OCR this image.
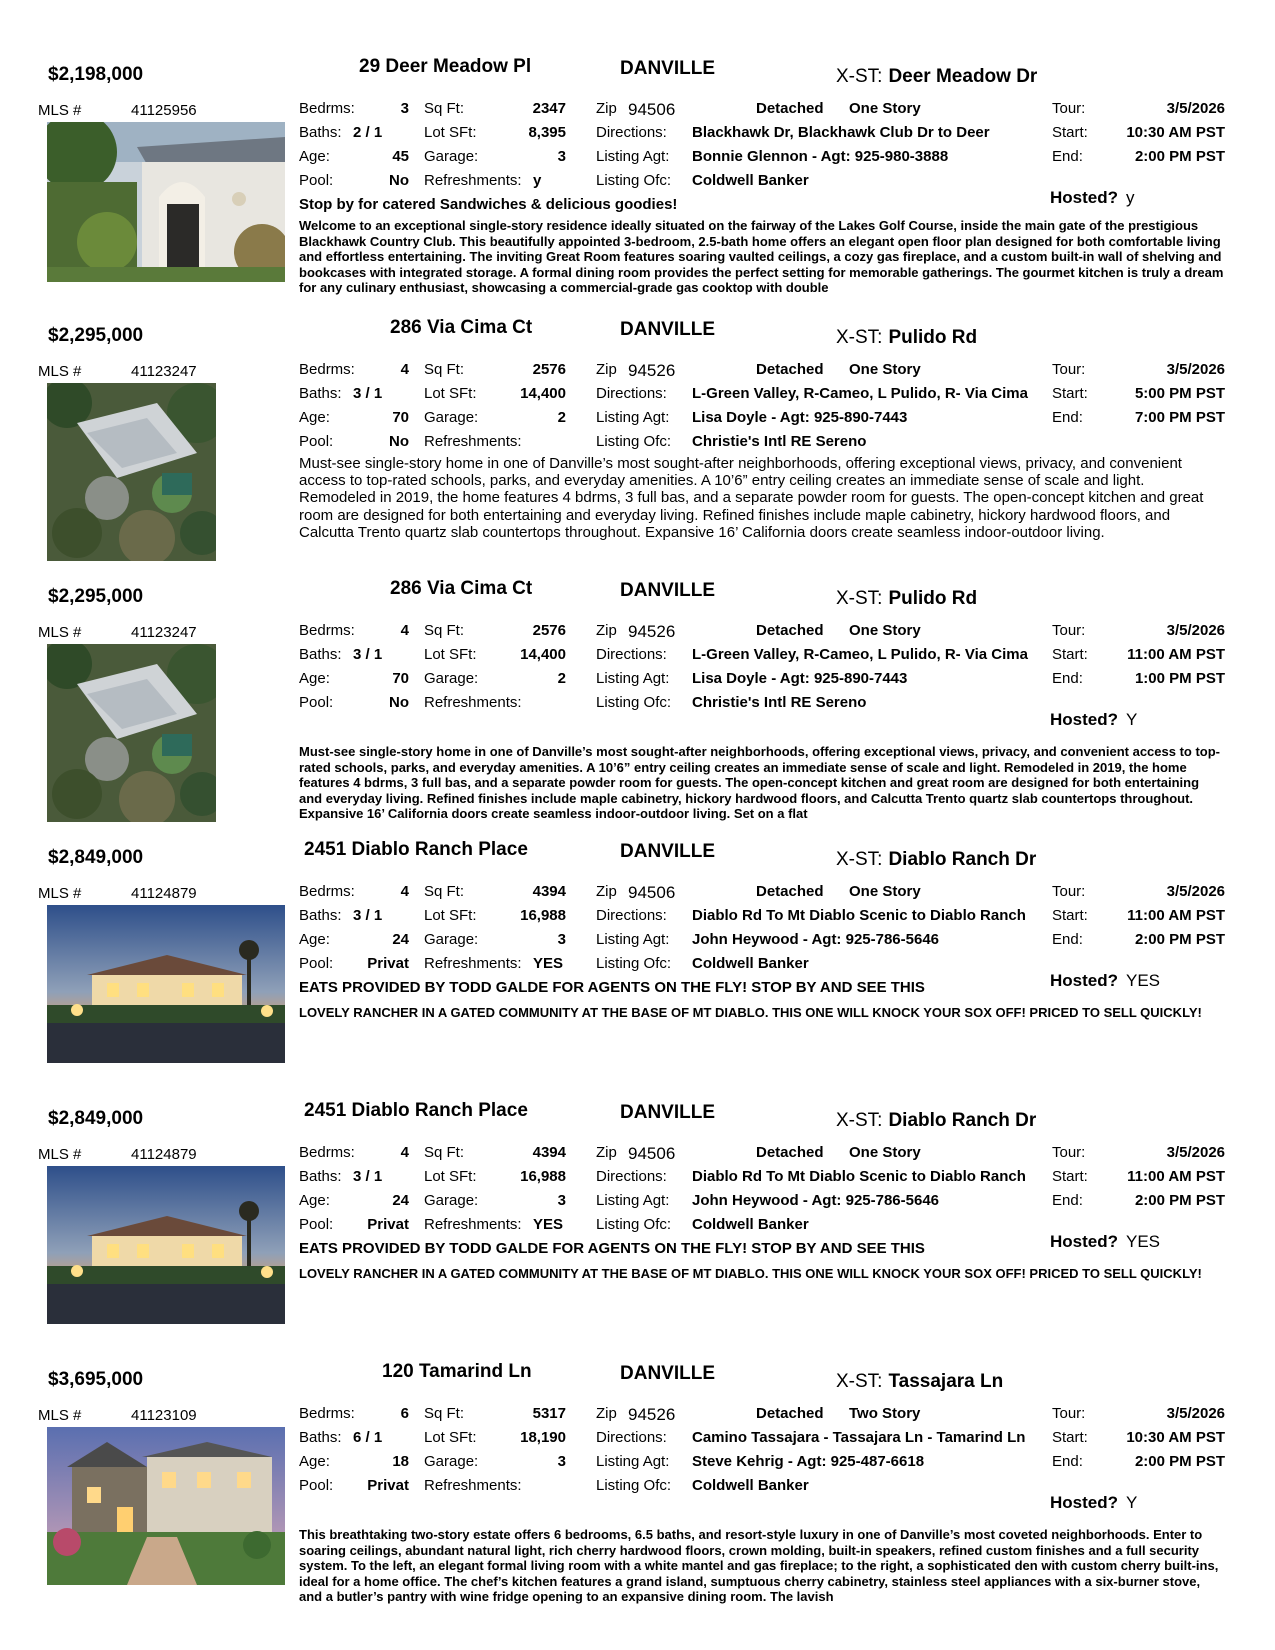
$2,198,000	29 Deer Meadow Pl	DANVILLE	X-ST: Deer Meadow Dr
MLS #	41125956	Bedrms:	3 Sq Ft:	2347 Zip 94506	Detached One Story	Tour:	3/5/2026
Baths: 2 / 1	Lot SFt:	8,395 Directions: Blackhawk Dr, Blackhawk Club Dr to Deer	Start:	10:30 AM PST
Age:	45 Garage:	3 Listing Agt: Bonnie Glennon - Agt: 925-980-3888	End:	2:00 PM PST
Pool:	No Refreshments: y	Listing Ofc: Coldwell Banker
Hosted? y
Stop by for catered Sandwiches & delicious goodies!
Welcome to an exceptional single-story residence ideally situated on the fairway of the Lakes Golf Course, inside the main gate of the prestigious Blackhawk Country Club. This beautifully appointed 3-bedroom, 2.5-bath home offers an elegant open floor plan designed for both comfortable living and effortless entertaining. The inviting Great Room features soaring vaulted ceilings, a cozy gas fireplace, and a custom built-in wall of shelving and bookcases with integrated storage. A formal dining room provides the perfect setting for memorable gatherings. The gourmet kitchen is truly a dream for any culinary enthusiast, showcasing a commercial-grade gas cooktop with double
$2,295,000	286 Via Cima Ct	DANVILLE	X-ST: Pulido Rd
MLS #	41123247	Bedrms:	4 Sq Ft:	2576 Zip 94526	Detached One Story	Tour:	3/5/2026
Baths: 3 / 1	Lot SFt:	14,400 Directions: L-Green Valley, R-Cameo, L Pulido, R- Via Cima Start:	5:00 PM PST
Age:	70 Garage:	2 Listing Agt: Lisa Doyle - Agt: 925-890-7443	End:	7:00 PM PST
Pool:	No Refreshments:	Listing Ofc: Christie's Intl RE Sereno
Must-see single-story home in one of Danville’s most sought-after neighborhoods, offering exceptional views, privacy, and convenient access to top-rated schools, parks, and everyday amenities. A 10’6” entry ceiling creates an immediate sense of scale and light. Remodeled in 2019, the home features 4 bdrms, 3 full bas, and a separate powder room for guests. The open-concept kitchen and great room are designed for both entertaining and everyday living. Refined finishes include maple cabinetry, hickory hardwood floors, and Calcutta Trento quartz slab countertops throughout. Expansive 16’ California doors create seamless indoor-outdoor living.
$2,295,000	286 Via Cima Ct	DANVILLE	X-ST: Pulido Rd
MLS #	41123247	Bedrms:	4 Sq Ft:	2576 Zip 94526	Detached One Story	Tour:	3/5/2026
Baths: 3 / 1	Lot SFt:	14,400 Directions: L-Green Valley, R-Cameo, L Pulido, R- Via Cima Start:	11:00 AM PST
Age:	70 Garage:	2 Listing Agt: Lisa Doyle - Agt: 925-890-7443	End:	1:00 PM PST
Pool:	No Refreshments:	Listing Ofc: Christie's Intl RE Sereno
Hosted? Y
Must-see single-story home in one of Danville’s most sought-after neighborhoods, offering exceptional views, privacy, and convenient access to top-rated schools, parks, and everyday amenities. A 10’6” entry ceiling creates an immediate sense of scale and light. Remodeled in 2019, the home features 4 bdrms, 3 full bas, and a separate powder room for guests. The open-concept kitchen and great room are designed for both entertaining and everyday living. Refined finishes include maple cabinetry, hickory hardwood floors, and Calcutta Trento quartz slab countertops throughout. Expansive 16’ California doors create seamless indoor-outdoor living. Set on a flat
$2,849,000	2451 Diablo Ranch Place	DANVILLE	X-ST: Diablo Ranch Dr
MLS #	41124879	Bedrms:	4 Sq Ft:	4394 Zip 94506	Detached One Story	Tour:	3/5/2026
Baths: 3 / 1	Lot SFt:	16,988 Directions: Diablo Rd To Mt Diablo Scenic to Diablo Ranch Start:	11:00 AM PST
Age:	24 Garage:	3 Listing Agt: John Heywood - Agt: 925-786-5646	End:	2:00 PM PST
Pool:	Privat Refreshments: YES Listing Ofc: Coldwell Banker
Hosted? YES
EATS PROVIDED BY TODD GALDE FOR AGENTS ON THE FLY! STOP BY AND SEE THIS
LOVELY RANCHER IN A GATED COMMUNITY AT THE BASE OF MT DIABLO. THIS ONE WILL KNOCK YOUR SOX OFF! PRICED TO SELL QUICKLY!
$2,849,000	2451 Diablo Ranch Place	DANVILLE	X-ST: Diablo Ranch Dr
MLS #	41124879	Bedrms:	4 Sq Ft:	4394 Zip 94506	Detached One Story	Tour:	3/5/2026
Baths: 3 / 1	Lot SFt:	16,988 Directions: Diablo Rd To Mt Diablo Scenic to Diablo Ranch Start:	11:00 AM PST
Age:	24 Garage:	3 Listing Agt: John Heywood - Agt: 925-786-5646	End:	2:00 PM PST
Pool:	Privat Refreshments: YES Listing Ofc: Coldwell Banker
Hosted? YES
EATS PROVIDED BY TODD GALDE FOR AGENTS ON THE FLY! STOP BY AND SEE THIS
LOVELY RANCHER IN A GATED COMMUNITY AT THE BASE OF MT DIABLO. THIS ONE WILL KNOCK YOUR SOX OFF! PRICED TO SELL QUICKLY!
$3,695,000	120 Tamarind Ln	DANVILLE	X-ST: Tassajara Ln
MLS #	41123109	Bedrms:	6 Sq Ft:	5317 Zip 94526	Detached Two Story	Tour:	3/5/2026
Baths: 6 / 1	Lot SFt:	18,190 Directions: Camino Tassajara - Tassajara Ln - Tamarind Ln Start:	10:30 AM PST
Age:	18 Garage:	3 Listing Agt: Steve Kehrig - Agt: 925-487-6618	End:	2:00 PM PST
Pool:	Privat Refreshments:	Listing Ofc: Coldwell Banker
Hosted? Y
This breathtaking two-story estate offers 6 bedrooms, 6.5 baths, and resort-style luxury in one of Danville’s most coveted neighborhoods. Enter to soaring ceilings, abundant natural light, rich cherry hardwood floors, crown molding, built-in speakers, refined custom finishes and a full security system. To the left, an elegant formal living room with a white mantel and gas fireplace; to the right, a sophisticated den with custom cherry built-ins, ideal for a home office. The chef’s kitchen features a grand island, sumptuous cherry cabinetry, stainless steel appliances with a six-burner stove, and a butler’s pantry with wine fridge opening to an expansive dining room. The lavish
